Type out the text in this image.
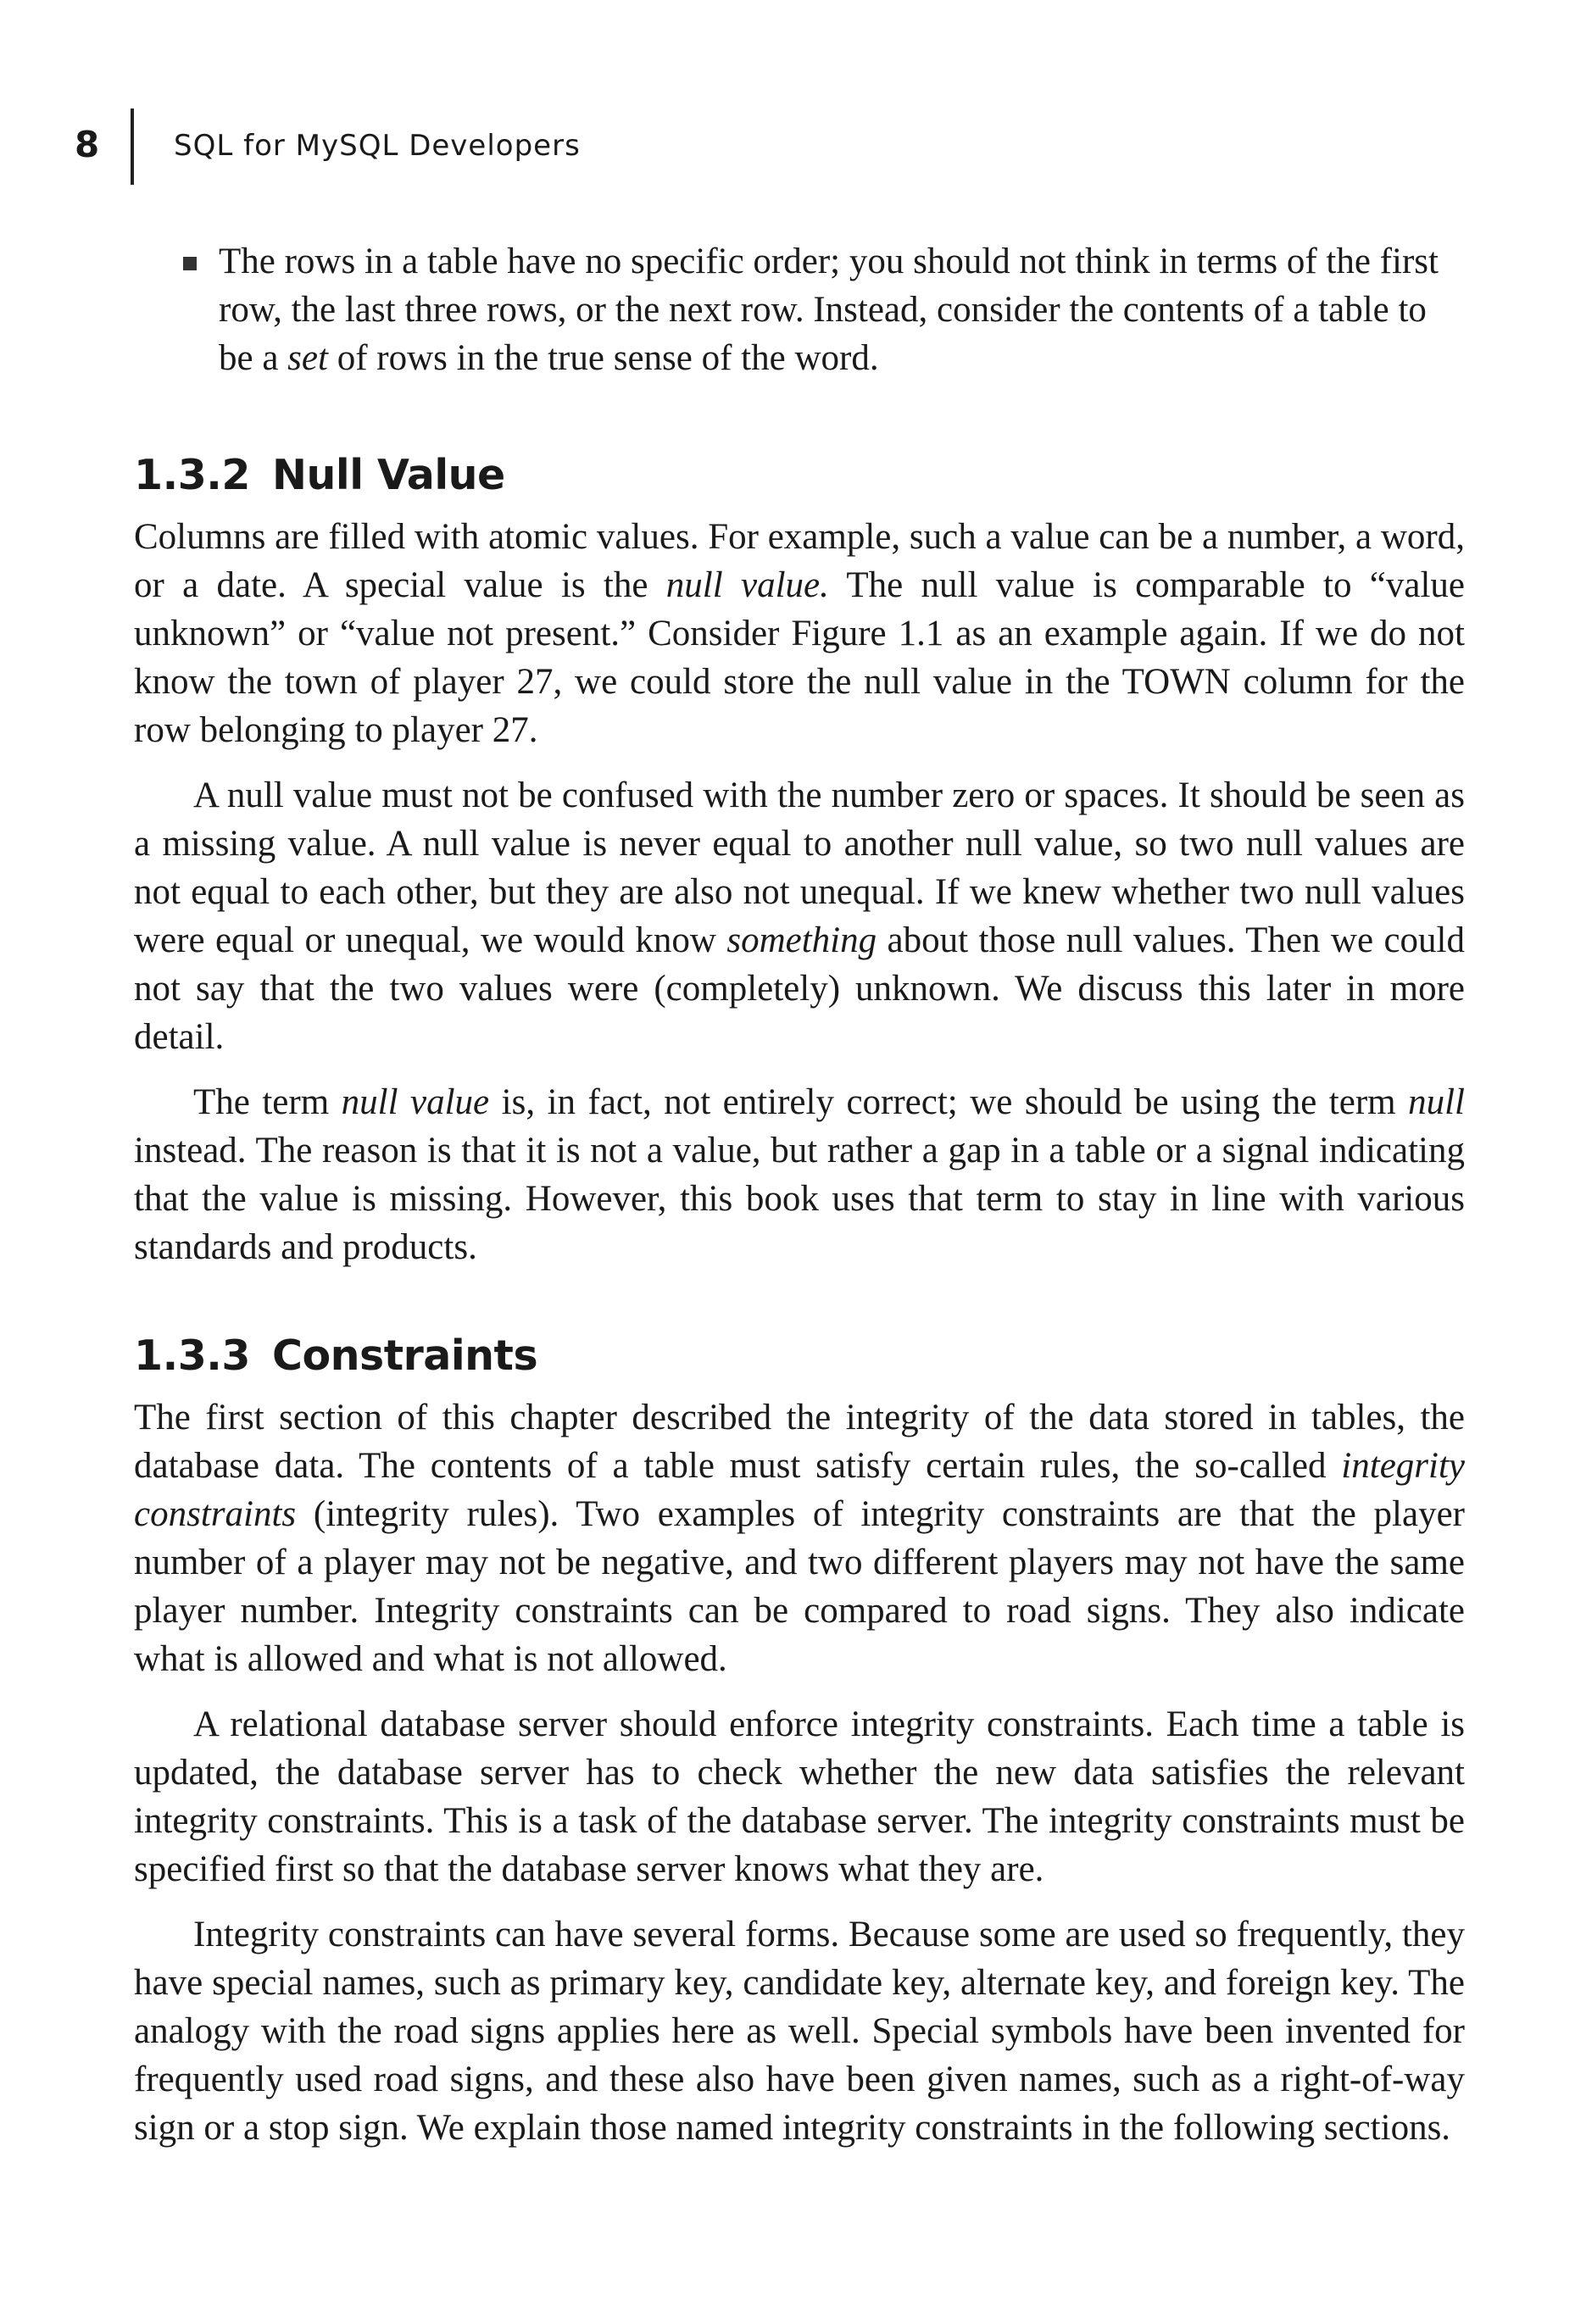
8	SQL for MySQL Developers
The rows in a table have no specific order; you should not think in terms of the first row, the last three rows, or the next row. Instead, consider the contents of a table to be a set of rows in the true sense of the word.
1.3.2 Null Value

Columns are filled with atomic values. For example, such a value can be a number, a word, or a date. A special value is the null value. The null value is comparable to “value unknown” or “value not present.” Consider Figure 1.1 as an example again. If we do not know the town of player 27, we could store the null value in the TOWN column for the row belonging to player 27.

A null value must not be confused with the number zero or spaces. It should be seen as a missing value. A null value is never equal to another null value, so two null values are not equal to each other, but they are also not unequal. If we knew whether two null values were equal or unequal, we would know something about those null values. Then we could not say that the two values were (completely) unknown. We discuss this later in more detail.

The term null value is, in fact, not entirely correct; we should be using the term null instead. The reason is that it is not a value, but rather a gap in a table or a signal indicating that the value is missing. However, this book uses that term to stay in line with various standards and products.

1.3.3 Constraints

The first section of this chapter described the integrity of the data stored in tables, the database data. The contents of a table must satisfy certain rules, the so-called integrity constraints (integrity rules). Two examples of integrity constraints are that the player number of a player may not be negative, and two different players may not have the same player number. Integrity constraints can be compared to road signs. They also indicate what is allowed and what is not allowed.

A relational database server should enforce integrity constraints. Each time a table is updated, the database server has to check whether the new data satisfies the relevant integrity constraints. This is a task of the database server. The integrity constraints must be specified first so that the database server knows what they are.

Integrity constraints can have several forms. Because some are used so frequently, they have special names, such as primary key, candidate key, alternate key, and foreign key. The analogy with the road signs applies here as well. Special symbols have been invented for frequently used road signs, and these also have been given names, such as a right-of-way sign or a stop sign. We explain those named integrity constraints in the following sections.
